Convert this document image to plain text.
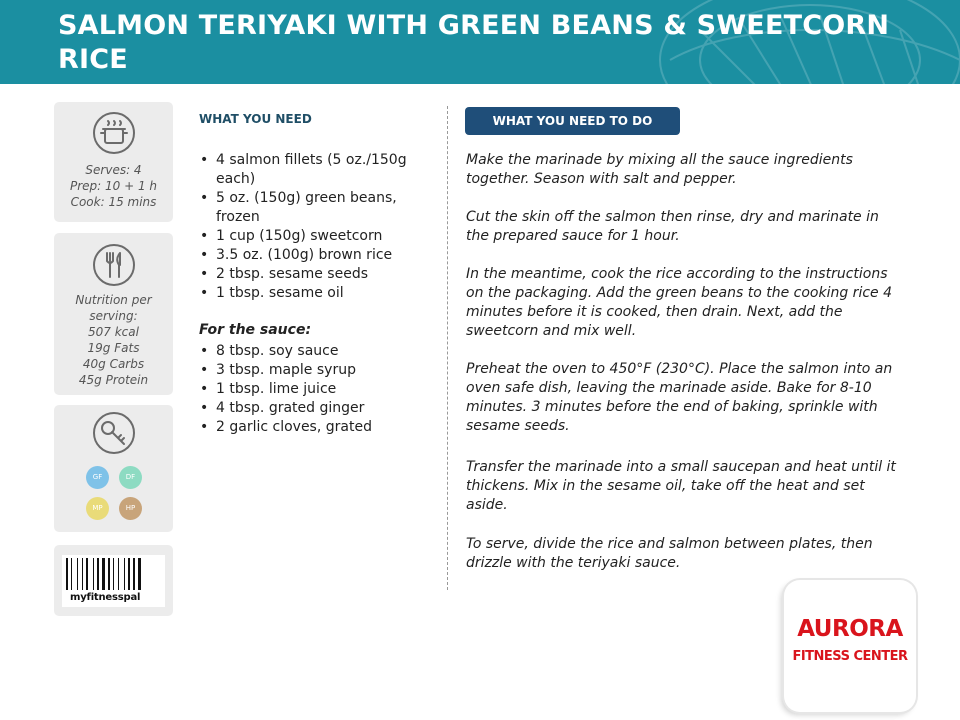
SALMON TERIYAKI WITH GREEN BEANS & SWEETCORN RICE
Serves: 4
Prep: 10 + 1 h
Cook: 15 mins
Nutrition per
serving:
507 kcal
19g Fats
40g Carbs
45g Protein
GF	DF
MP	HP
myfitnesspal
WHAT YOU NEED
• 4 salmon fillets (5 oz./150g each)
• 5 oz. (150g) green beans, frozen
• 1 cup (150g) sweetcorn
• 3.5 oz. (100g) brown rice
• 2 tbsp. sesame seeds
• 1 tbsp. sesame oil
For the sauce:
• 8 tbsp. soy sauce
• 3 tbsp. maple syrup
• 1 tbsp. lime juice
• 4 tbsp. grated ginger
• 2 garlic cloves, grated
WHAT YOU NEED TO DO
Make the marinade by mixing all the sauce ingredients together. Season with salt and pepper.
Cut the skin off the salmon then rinse, dry and marinate in the prepared sauce for 1 hour.
In the meantime, cook the rice according to the instructions on the packaging. Add the green beans to the cooking rice 4 minutes before it is cooked, then drain. Next, add the sweetcorn and mix well.
Preheat the oven to 450°F (230°C). Place the salmon into an oven safe dish, leaving the marinade aside. Bake for 8-10 minutes. 3 minutes before the end of baking, sprinkle with sesame seeds.
Transfer the marinade into a small saucepan and heat until it thickens. Mix in the sesame oil, take off the heat and set aside.
To serve, divide the rice and salmon between plates, then drizzle with the teriyaki sauce.
AURORA
FITNESS CENTER
